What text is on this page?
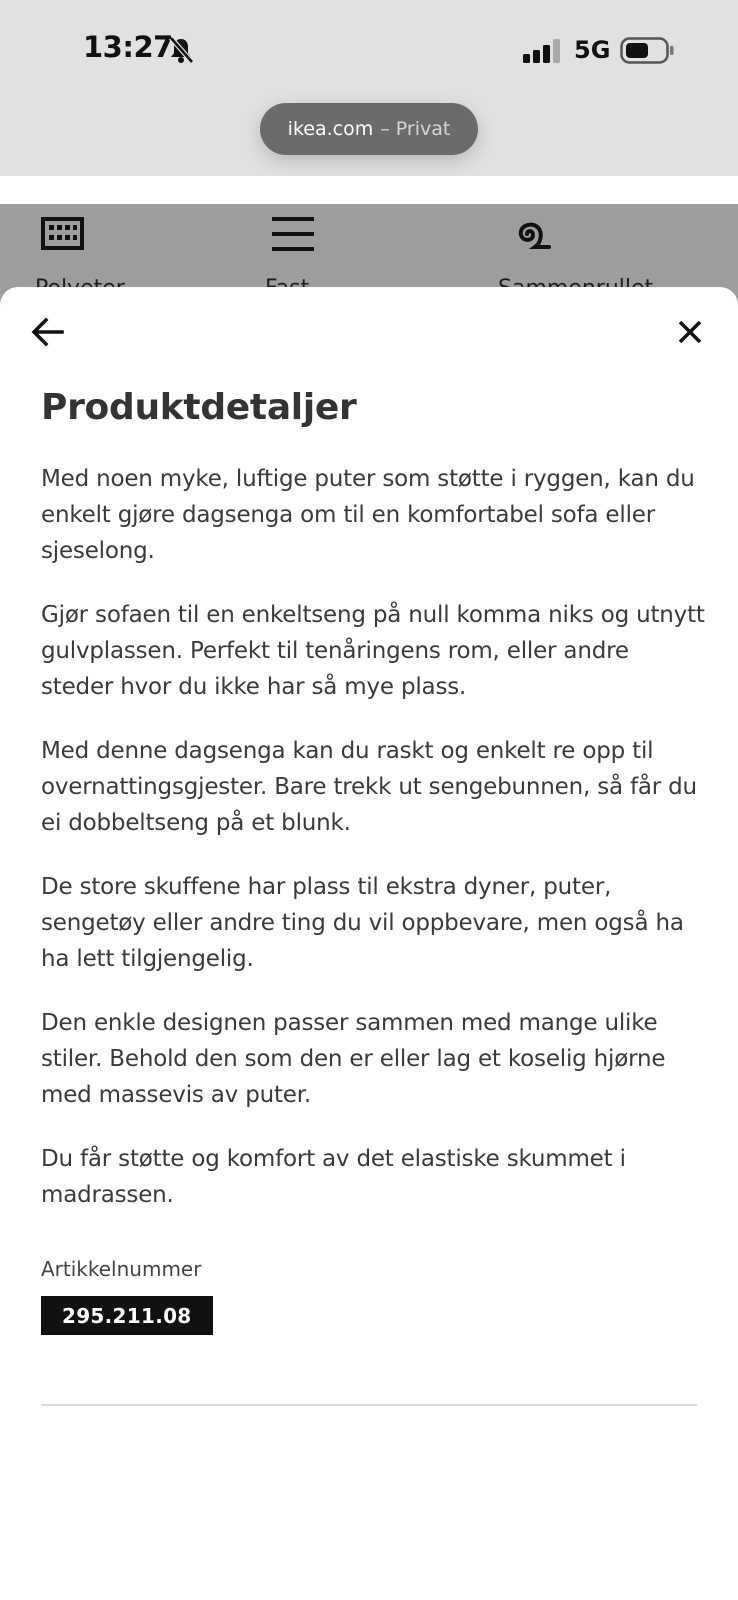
13:27	5G
ikea.com – Privat
Produktdetaljer

Med noen myke, luftige puter som støtte i ryggen, kan du enkelt gjøre dagsenga om til en komfortabel sofa eller sjeselong.

Gjør sofaen til en enkeltseng på null komma niks og utnytt gulvplassen. Perfekt til tenåringens rom, eller andre steder hvor du ikke har så mye plass.

Med denne dagsenga kan du raskt og enkelt re opp til overnattingsgjester. Bare trekk ut sengebunnen, så får du ei dobbeltseng på et blunk.

De store skuffene har plass til ekstra dyner, puter, sengetøy eller andre ting du vil oppbevare, men også ha ha lett tilgjengelig.

Den enkle designen passer sammen med mange ulike stiler. Behold den som den er eller lag et koselig hjørne med massevis av puter.

Du får støtte og komfort av det elastiske skummet i madrassen.

Artikkelnummer
295.211.08
